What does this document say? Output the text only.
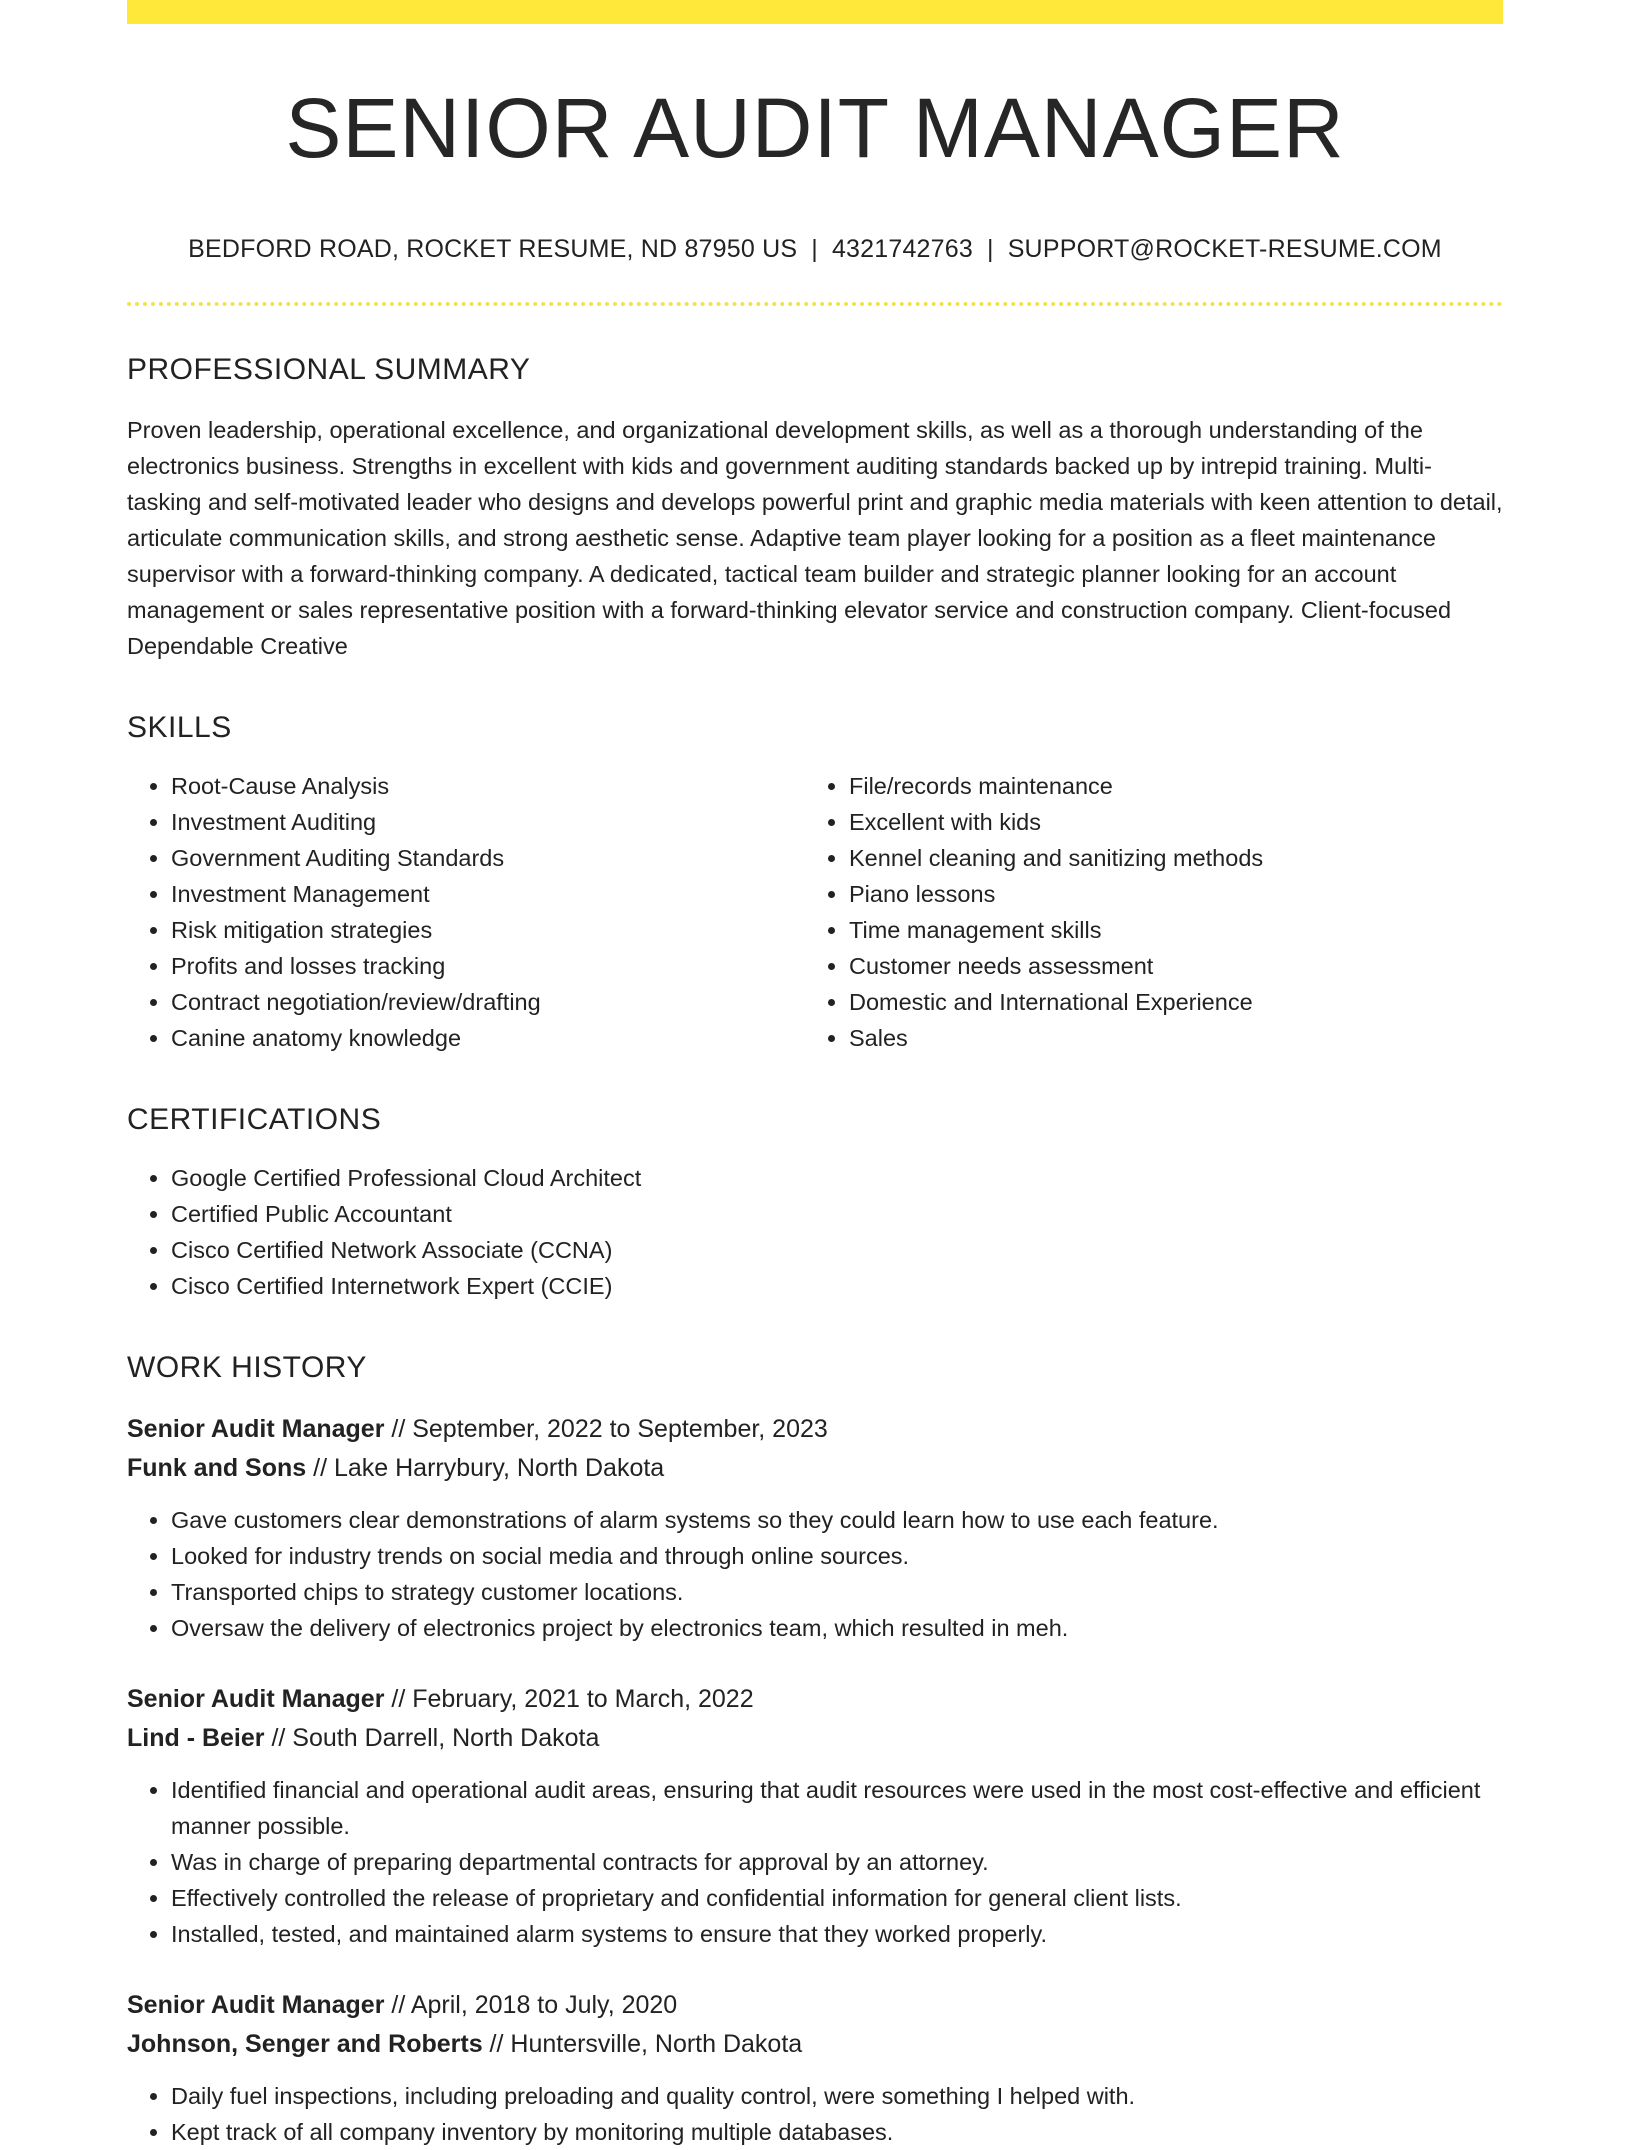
SENIOR AUDIT MANAGER
BEDFORD ROAD, ROCKET RESUME, ND 87950 US | 4321742763 | SUPPORT@ROCKET-RESUME.COM
PROFESSIONAL SUMMARY
Proven leadership, operational excellence, and organizational development skills, as well as a thorough understanding of the electronics business. Strengths in excellent with kids and government auditing standards backed up by intrepid training. Multi-tasking and self-motivated leader who designs and develops powerful print and graphic media materials with keen attention to detail, articulate communication skills, and strong aesthetic sense. Adaptive team player looking for a position as a fleet maintenance supervisor with a forward-thinking company. A dedicated, tactical team builder and strategic planner looking for an account management or sales representative position with a forward-thinking elevator service and construction company. Client-focused Dependable Creative
SKILLS
• Root-Cause Analysis
• Investment Auditing
• Government Auditing Standards
• Investment Management
• Risk mitigation strategies
• Profits and losses tracking
• Contract negotiation/review/drafting
• Canine anatomy knowledge
• File/records maintenance
• Excellent with kids
• Kennel cleaning and sanitizing methods
• Piano lessons
• Time management skills
• Customer needs assessment
• Domestic and International Experience
• Sales
CERTIFICATIONS
• Google Certified Professional Cloud Architect
• Certified Public Accountant
• Cisco Certified Network Associate (CCNA)
• Cisco Certified Internetwork Expert (CCIE)
WORK HISTORY
Senior Audit Manager // September, 2022 to September, 2023
Funk and Sons // Lake Harrybury, North Dakota
• Gave customers clear demonstrations of alarm systems so they could learn how to use each feature.
• Looked for industry trends on social media and through online sources.
• Transported chips to strategy customer locations.
• Oversaw the delivery of electronics project by electronics team, which resulted in meh.
Senior Audit Manager // February, 2021 to March, 2022
Lind - Beier // South Darrell, North Dakota
• Identified financial and operational audit areas, ensuring that audit resources were used in the most cost-effective and efficient manner possible.
• Was in charge of preparing departmental contracts for approval by an attorney.
• Effectively controlled the release of proprietary and confidential information for general client lists.
• Installed, tested, and maintained alarm systems to ensure that they worked properly.
Senior Audit Manager // April, 2018 to July, 2020
Johnson, Senger and Roberts // Huntersville, North Dakota
• Daily fuel inspections, including preloading and quality control, were something I helped with.
• Kept track of all company inventory by monitoring multiple databases.
